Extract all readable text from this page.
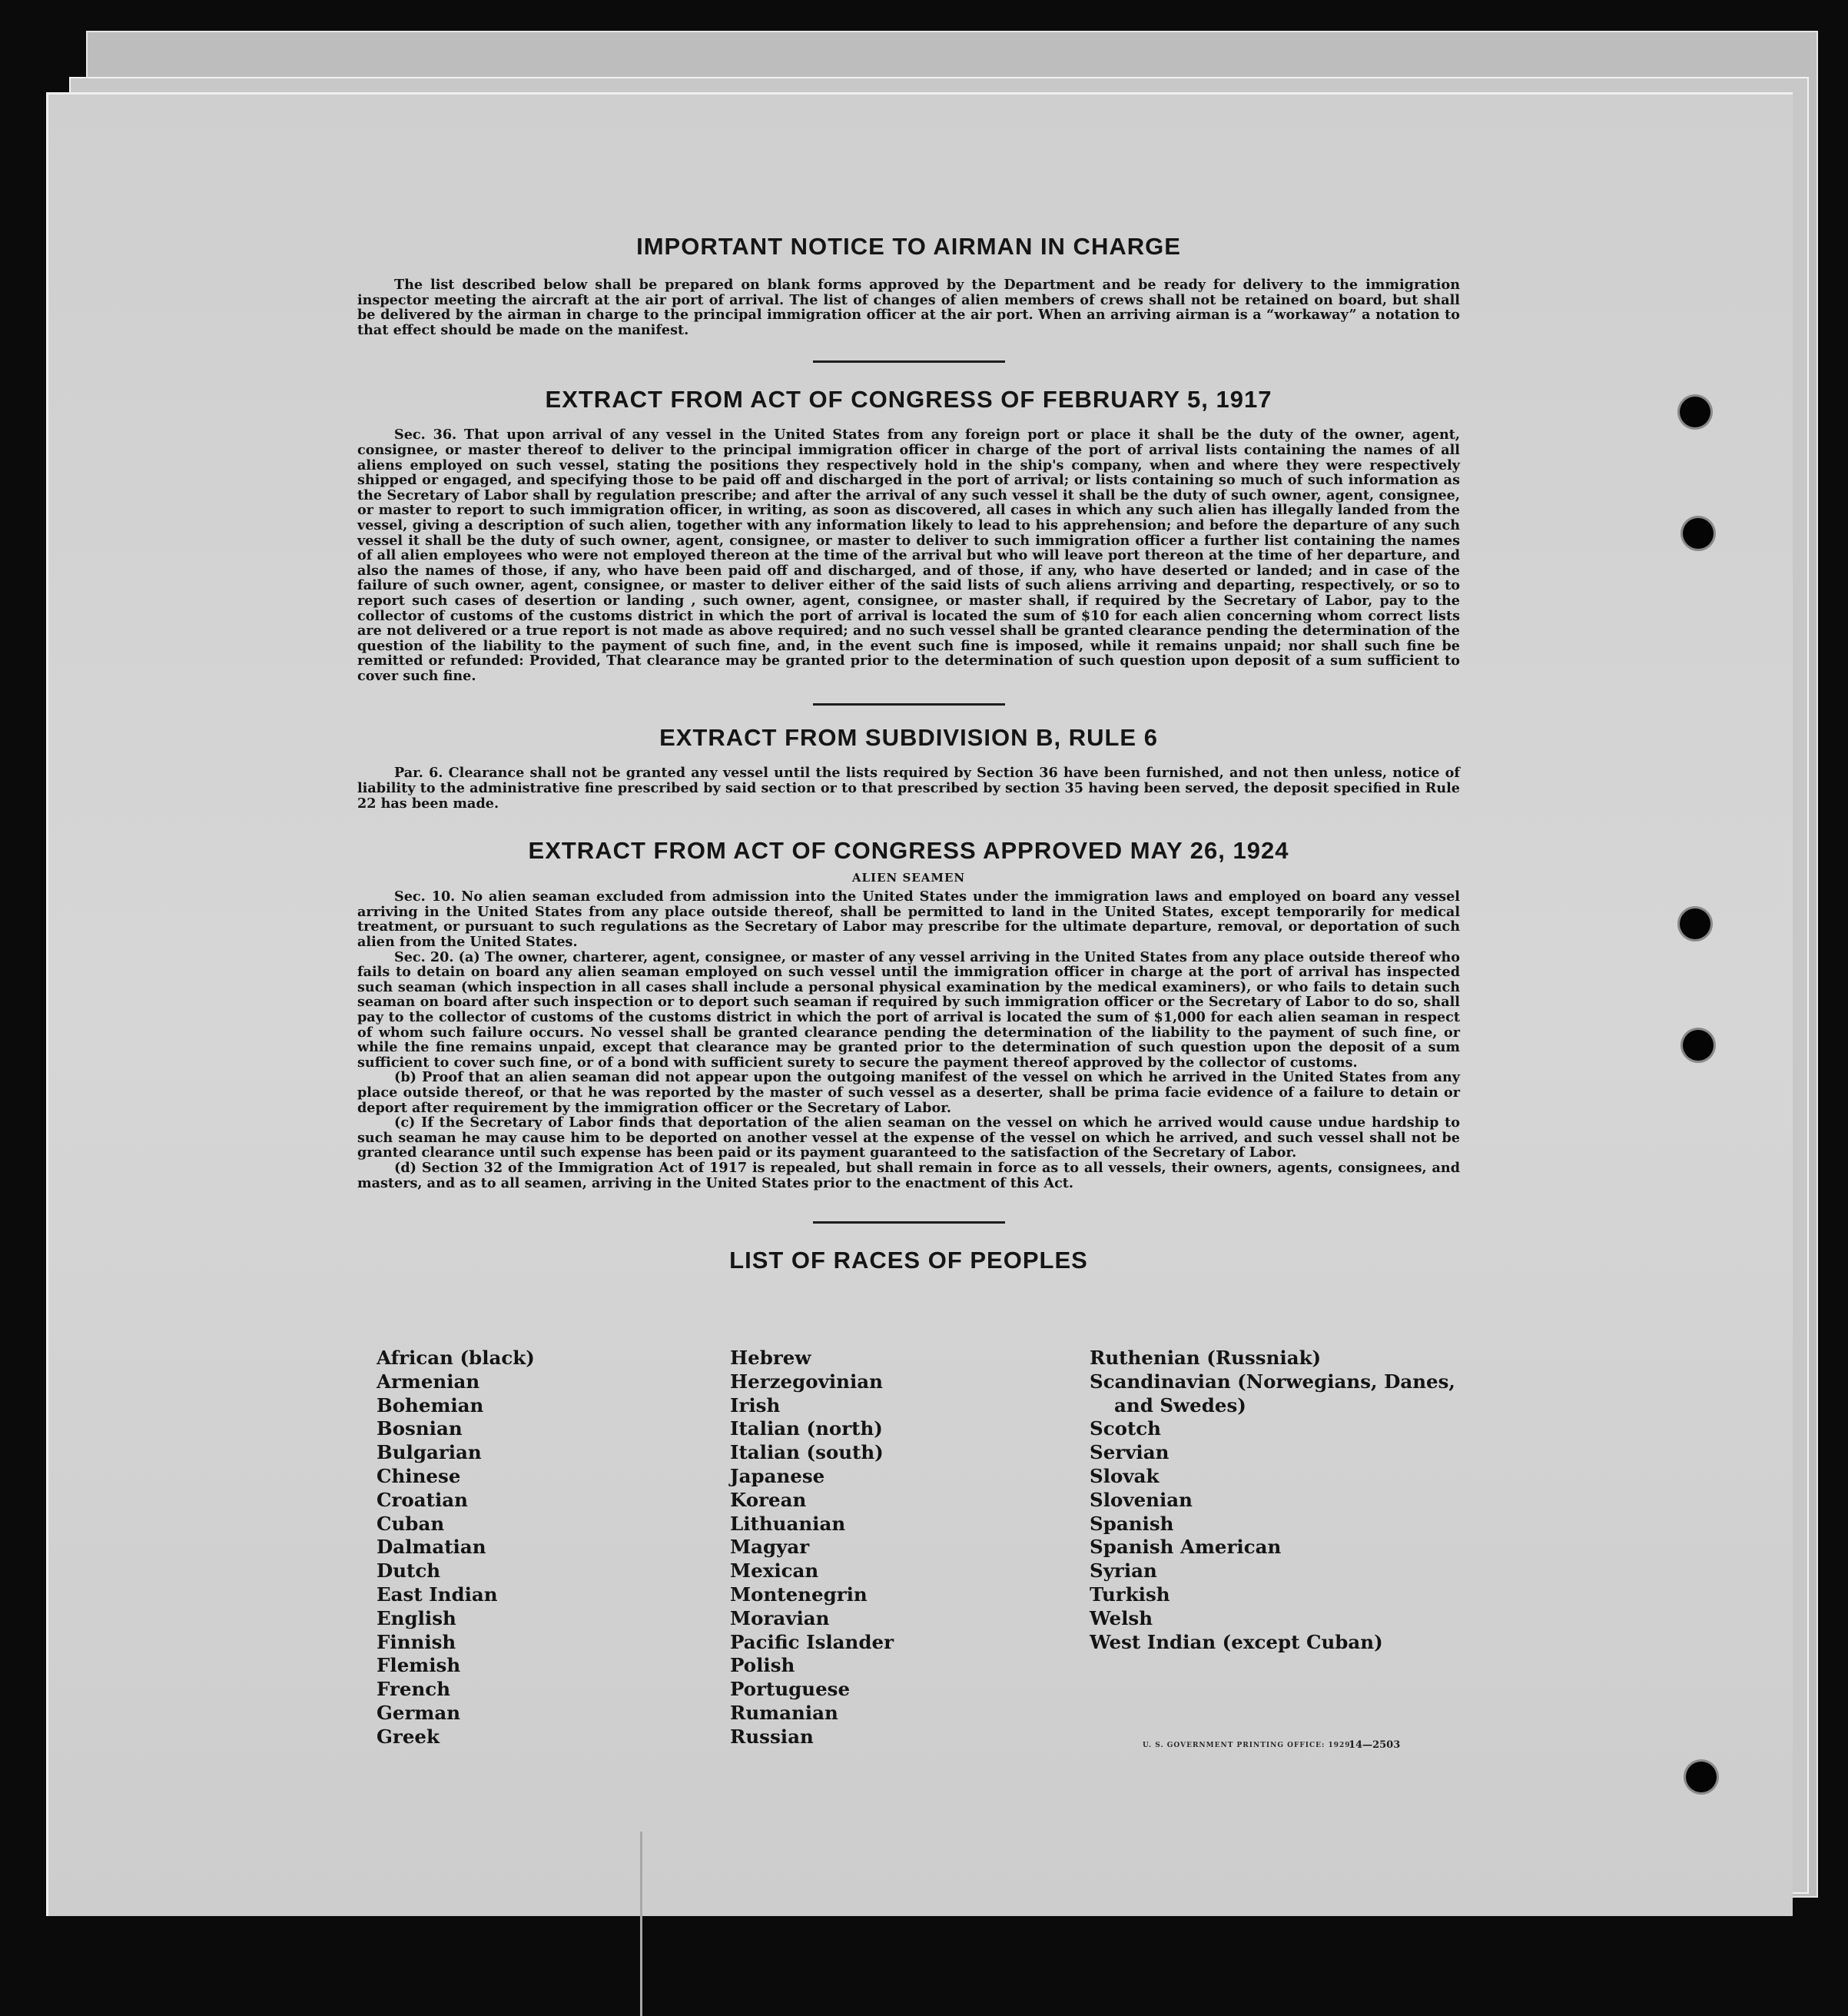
IMPORTANT NOTICE TO AIRMAN IN CHARGE

The list described below shall be prepared on blank forms approved by the Department and be ready for delivery to the immigration inspector meeting the aircraft at the air port of arrival. The list of changes of alien members of crews shall not be retained on board, but shall be delivered by the airman in charge to the principal immigration officer at the air port. When an arriving airman is a “workaway” a notation to that effect should be made on the manifest.

EXTRACT FROM ACT OF CONGRESS OF FEBRUARY 5, 1917

Sec. 36. That upon arrival of any vessel in the United States from any foreign port or place it shall be the duty of the owner, agent, consignee, or master thereof to deliver to the principal immigration officer in charge of the port of arrival lists containing the names of all aliens employed on such vessel, stating the positions they respectively hold in the ship's company, when and where they were respectively shipped or engaged, and specifying those to be paid off and discharged in the port of arrival; or lists containing so much of such information as the Secretary of Labor shall by regulation prescribe; and after the arrival of any such vessel it shall be the duty of such owner, agent, consignee, or master to report to such immigration officer, in writing, as soon as discovered, all cases in which any such alien has illegally landed from the vessel, giving a description of such alien, together with any information likely to lead to his apprehension; and before the departure of any such vessel it shall be the duty of such owner, agent, consignee, or master to deliver to such immigration officer a further list containing the names of all alien employees who were not employed thereon at the time of the arrival but who will leave port thereon at the time of her departure, and also the names of those, if any, who have been paid off and discharged, and of those, if any, who have deserted or landed; and in case of the failure of such owner, agent, consignee, or master to deliver either of the said lists of such aliens arriving and departing, respectively, or so to report such cases of desertion or landing , such owner, agent, consignee, or master shall, if required by the Secretary of Labor, pay to the collector of customs of the customs district in which the port of arrival is located the sum of $10 for each alien concerning whom correct lists are not delivered or a true report is not made as above required; and no such vessel shall be granted clearance pending the determination of the question of the liability to the payment of such fine, and, in the event such fine is imposed, while it remains unpaid; nor shall such fine be remitted or refunded: Provided, That clearance may be granted prior to the determination of such question upon deposit of a sum sufficient to cover such fine.

EXTRACT FROM SUBDIVISION B, RULE 6

Par. 6. Clearance shall not be granted any vessel until the lists required by Section 36 have been furnished, and not then unless, notice of liability to the administrative fine prescribed by said section or to that prescribed by section 35 having been served, the deposit specified in Rule 22 has been made.

EXTRACT FROM ACT OF CONGRESS APPROVED MAY 26, 1924
ALIEN SEAMEN

Sec. 10. No alien seaman excluded from admission into the United States under the immigration laws and employed on board any vessel arriving in the United States from any place outside thereof, shall be permitted to land in the United States, except temporarily for medical treatment, or pursuant to such regulations as the Secretary of Labor may prescribe for the ultimate departure, removal, or deportation of such alien from the United States.

Sec. 20. (a) The owner, charterer, agent, consignee, or master of any vessel arriving in the United States from any place outside thereof who fails to detain on board any alien seaman employed on such vessel until the immigration officer in charge at the port of arrival has inspected such seaman (which inspection in all cases shall include a personal physical examination by the medical examiners), or who fails to detain such seaman on board after such inspection or to deport such seaman if required by such immigration officer or the Secretary of Labor to do so, shall pay to the collector of customs of the customs district in which the port of arrival is located the sum of $1,000 for each alien seaman in respect of whom such failure occurs. No vessel shall be granted clearance pending the determination of the liability to the payment of such fine, or while the fine remains unpaid, except that clearance may be granted prior to the determination of such question upon the deposit of a sum sufficient to cover such fine, or of a bond with sufficient surety to secure the payment thereof approved by the collector of customs.

(b) Proof that an alien seaman did not appear upon the outgoing manifest of the vessel on which he arrived in the United States from any place outside thereof, or that he was reported by the master of such vessel as a deserter, shall be prima facie evidence of a failure to detain or deport after requirement by the immigration officer or the Secretary of Labor.

(c) If the Secretary of Labor finds that deportation of the alien seaman on the vessel on which he arrived would cause undue hardship to such seaman he may cause him to be deported on another vessel at the expense of the vessel on which he arrived, and such vessel shall not be granted clearance until such expense has been paid or its payment guaranteed to the satisfaction of the Secretary of Labor.

(d) Section 32 of the Immigration Act of 1917 is repealed, but shall remain in force as to all vessels, their owners, agents, consignees, and masters, and as to all seamen, arriving in the United States prior to the enactment of this Act.

LIST OF RACES OF PEOPLES
African (black)
Armenian
Bohemian
Bosnian
Bulgarian
Chinese
Croatian
Cuban
Dalmatian
Dutch
East Indian
English
Finnish
Flemish
French
German
Greek
Hebrew
Herzegovinian
Irish
Italian (north)
Italian (south)
Japanese
Korean
Lithuanian
Magyar
Mexican
Montenegrin
Moravian
Pacific Islander
Polish
Portuguese
Rumanian
Russian
Ruthenian (Russniak)
Scandinavian (Norwegians, Danes,
and Swedes)
Scotch
Servian
Slovak
Slovenian
Spanish
Spanish American
Syrian
Turkish
Welsh
West Indian (except Cuban)
U. S. GOVERNMENT PRINTING OFFICE: 1929
14—2503
